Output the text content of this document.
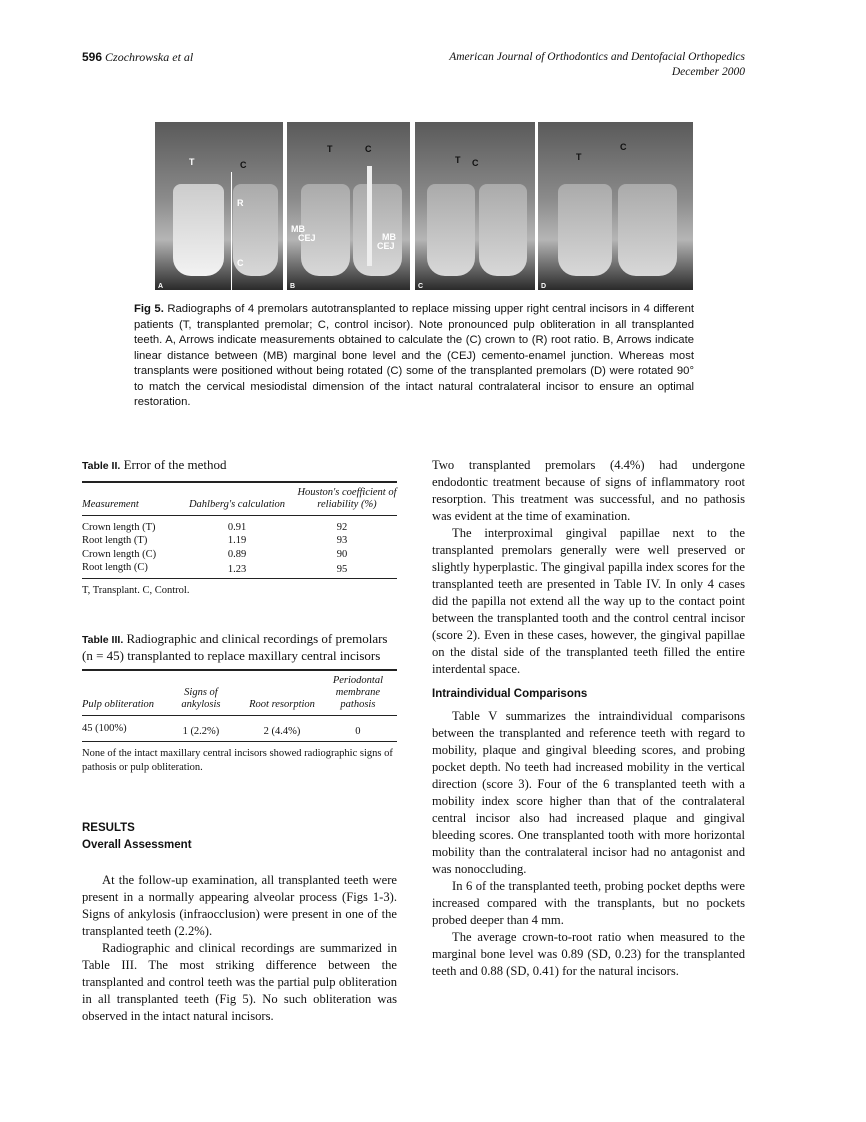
596 Czochrowska et al	American Journal of Orthodontics and Dentofacial Orthopedics
December 2000
T	C
R
C
A
T	C
MB
CEJ	MB
CEJ
B
T C
C
T
C
D
Fig 5. Radiographs of 4 premolars autotransplanted to replace missing upper right central incisors in 4 different patients (T, transplanted premolar; C, control incisor). Note pronounced pulp obliteration in all transplanted teeth. A, Arrows indicate measurements obtained to calculate the (C) crown to (R) root ratio. B, Arrows indicate linear distance between (MB) marginal bone level and the (CEJ) cemento-enamel junction. Whereas most transplants were positioned without being rotated (C) some of the transplanted premolars (D) were rotated 90° to match the cervical mesiodistal dimension of the intact natural contralateral incisor to ensure an optimal restoration.
Table II. Error of the method
Measurement	Dahlberg's calculation	Houston's coefficient of reliability (%)

Crown length (T)	0.91	92
Root length (T)	1.19	93
Crown length (C)	0.89	90
Root length (C)	1.23	95
T, Transplant. C, Control.
Table III. Radiographic and clinical recordings of premolars (n = 45) transplanted to replace maxillary central incisors
Pulp obliteration	Signs of ankylosis	Root resorption	Periodontal membrane pathosis

45 (100%)	1 (2.2%)	2 (4.4%)	0
None of the intact maxillary central incisors showed radiographic signs of pathosis or pulp obliteration.
RESULTS
Overall Assessment

At the follow-up examination, all transplanted teeth were present in a normally appearing alveolar process (Figs 1-3). Signs of ankylosis (infraocclusion) were present in one of the transplanted teeth (2.2%).

Radiographic and clinical recordings are summarized in Table III. The most striking difference between the transplanted and control teeth was the partial pulp obliteration in all transplanted teeth (Fig 5). No such obliteration was observed in the intact natural incisors.

Two transplanted premolars (4.4%) had undergone endodontic treatment because of signs of inflammatory root resorption. This treatment was successful, and no pathosis was evident at the time of examination.

The interproximal gingival papillae next to the transplanted premolars generally were well preserved or slightly hyperplastic. The gingival papilla index scores for the transplanted teeth are presented in Table IV. In only 4 cases did the papilla not extend all the way up to the contact point between the transplanted tooth and the control central incisor (score 2). Even in these cases, however, the gingival papillae on the distal side of the transplanted teeth filled the entire interdental space.

Intraindividual Comparisons

Table V summarizes the intraindividual comparisons between the transplanted and reference teeth with regard to mobility, plaque and gingival bleeding scores, and probing pocket depth. No teeth had increased mobility in the vertical direction (score 3). Four of the 6 transplanted teeth with a mobility index score higher than that of the contralateral central incisor also had increased plaque and gingival bleeding scores. One transplanted tooth with more horizontal mobility than the contralateral incisor had no antagonist and was nonoccluding.

In 6 of the transplanted teeth, probing pocket depths were increased compared with the transplants, but no pockets probed deeper than 4 mm.

The average crown-to-root ratio when measured to the marginal bone level was 0.89 (SD, 0.23) for the transplanted teeth and 0.88 (SD, 0.41) for the natural incisors.
